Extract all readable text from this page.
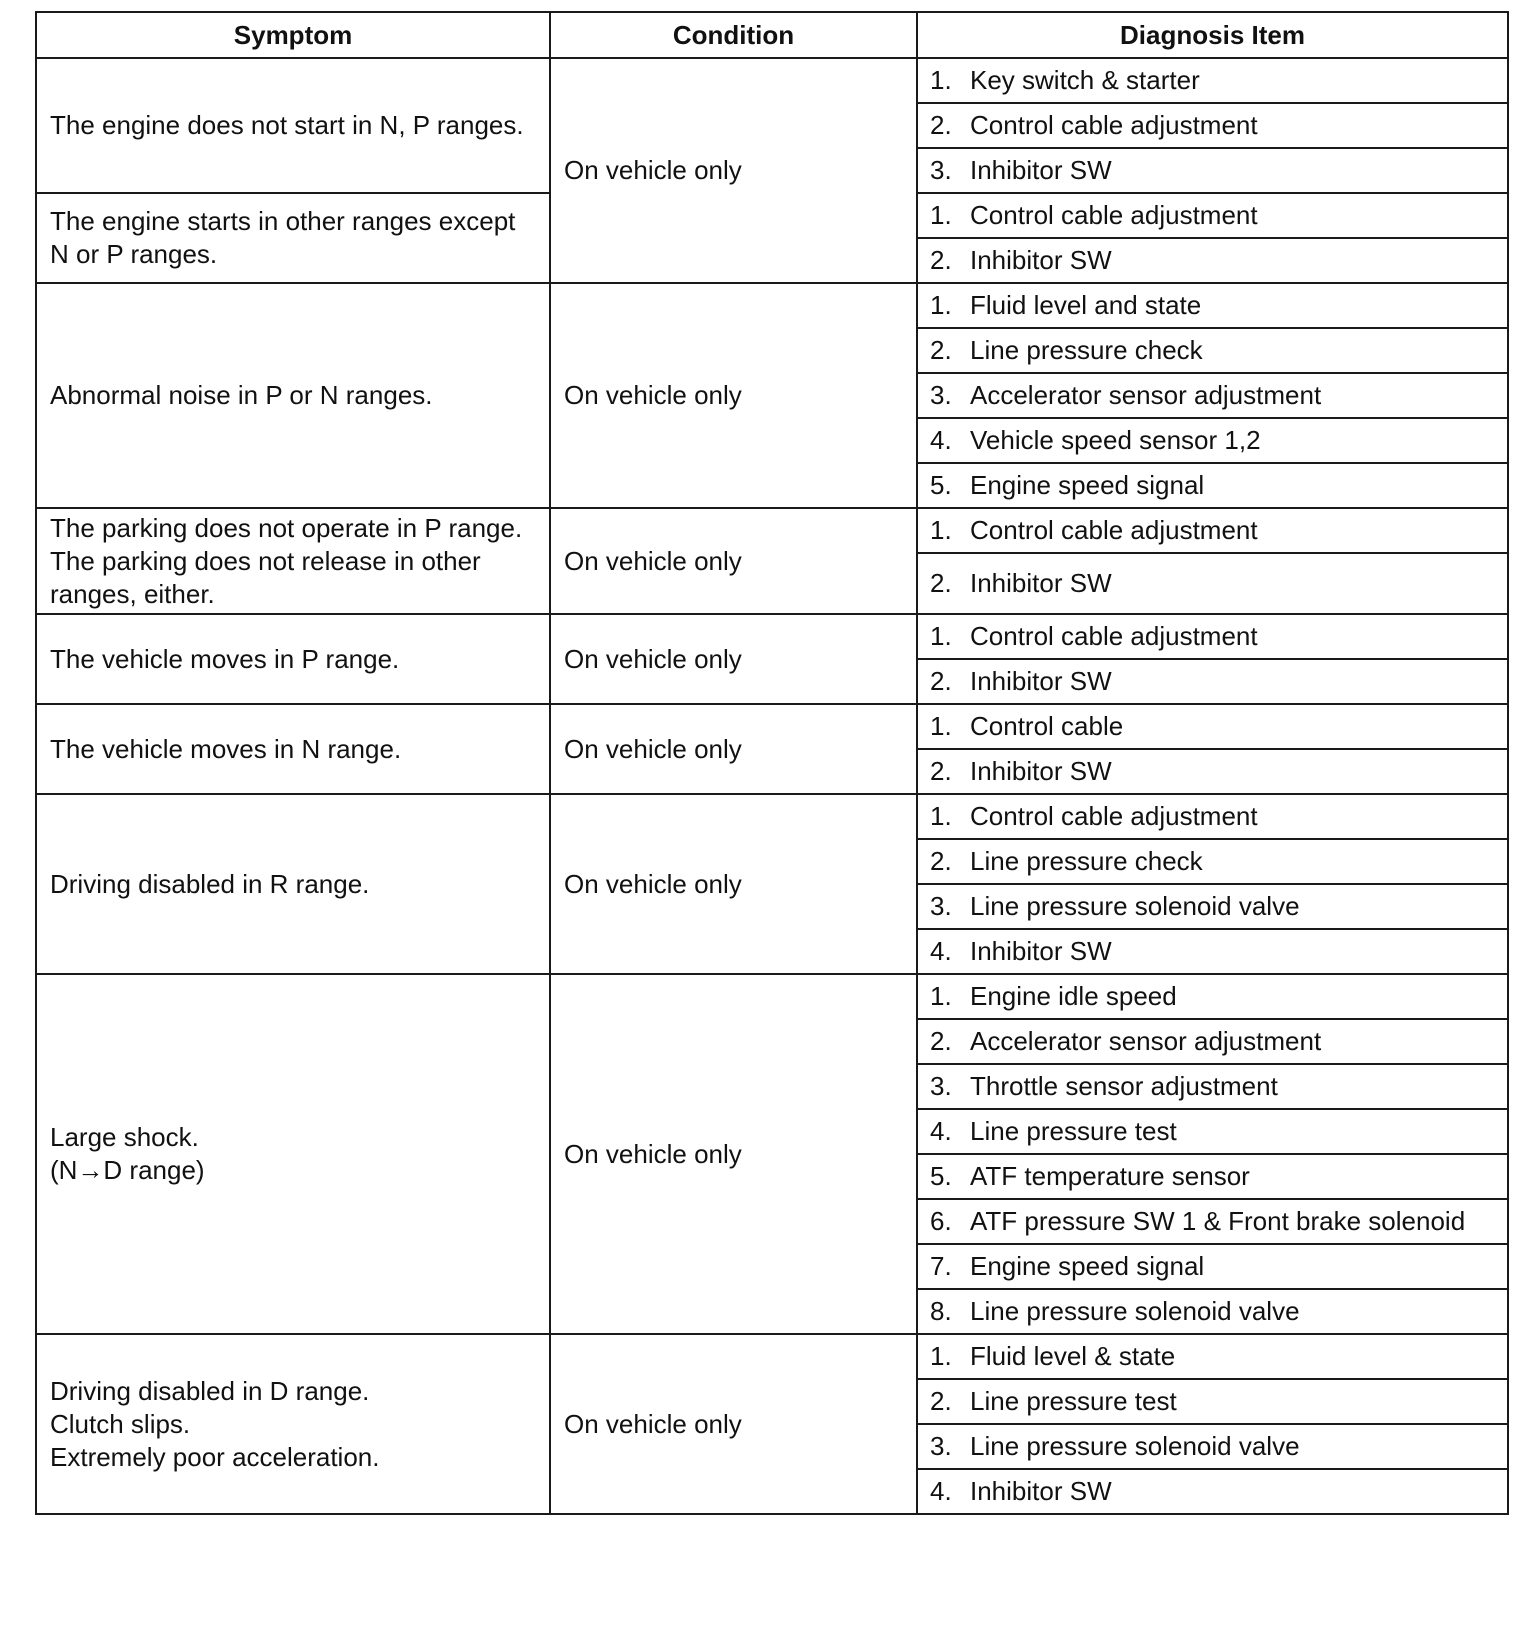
Symptom	Condition	Diagnosis Item
The engine does not start in N, P ranges.	On vehicle only	1. Key switch & starter
		2. Control cable adjustment
		3. Inhibitor SW
The engine starts in other ranges except N or P ranges.		1. Control cable adjustment
		2. Inhibitor SW
Abnormal noise in P or N ranges.	On vehicle only	1. Fluid level and state
		2. Line pressure check
		3. Accelerator sensor adjustment
		4. Vehicle speed sensor 1,2
		5. Engine speed signal
The parking does not operate in P range. The parking does not release in other ranges, either.	On vehicle only	1. Control cable adjustment
		2. Inhibitor SW
The vehicle moves in P range.	On vehicle only	1. Control cable adjustment
		2. Inhibitor SW
The vehicle moves in N range.	On vehicle only	1. Control cable
		2. Inhibitor SW
Driving disabled in R range.	On vehicle only	1. Control cable adjustment
		2. Line pressure check
		3. Line pressure solenoid valve
		4. Inhibitor SW

Large shock.
(N→D range)	On vehicle only	1. Engine idle speed
		2. Accelerator sensor adjustment
		3. Throttle sensor adjustment
		4. Line pressure test
		5. ATF temperature sensor
		6. ATF pressure SW 1 & Front brake solenoid
		7. Engine speed signal
		8. Line pressure solenoid valve

Driving disabled in D range.
Clutch slips.
Extremely poor acceleration.	On vehicle only	1. Fluid level & state
		2. Line pressure test
		3. Line pressure solenoid valve
		4. Inhibitor SW
